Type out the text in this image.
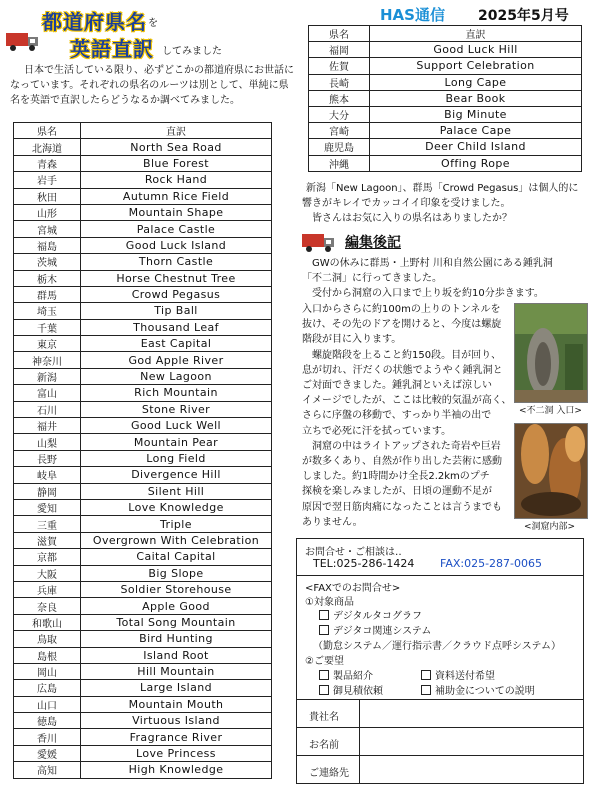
HAS通信 2025年5月号
都道府県名 を
英語直訳 してみました

日本で生活している限り、必ずどこかの都道府県にお世話になっています。それぞれの県名のルーツは別として、単純に県名を英語で直訳したらどうなるか調べてみました。

県名	直訳
北海道	North Sea Road
青森	Blue Forest
岩手	Rock Hand
秋田	Autumn Rice Field
山形	Mountain Shape
宮城	Palace Castle
福島	Good Luck Island
茨城	Thorn Castle
栃木	Horse Chestnut Tree
群馬	Crowd Pegasus
埼玉	Tip Ball
千葉	Thousand Leaf
東京	East Capital
神奈川	God Apple River
新潟	New Lagoon
富山	Rich Mountain
石川	Stone River
福井	Good Luck Well
山梨	Mountain Pear
長野	Long Field
岐阜	Divergence Hill
静岡	Silent Hill
愛知	Love Knowledge
三重	Triple
滋賀	Overgrown With Celebration
京都	Caital Capital
大阪	Big Slope
兵庫	Soldier Storehouse
奈良	Apple Good
和歌山	Total Song Mountain
鳥取	Bird Hunting
島根	Island Root
岡山	Hill Mountain
広島	Large Island
山口	Mountain Mouth
徳島	Virtuous Island
香川	Fragrance River
愛媛	Love Princess
高知	High Knowledge
県名	直訳
福岡	Good Luck Hill
佐賀	Support Celebration
長崎	Long Cape
熊本	Bear Book
大分	Big Minute
宮崎	Palace Cape
鹿児島	Deer Child Island
沖縄	Offing Rope

新潟「New Lagoon」、群馬「Crowd Pegasus」は個人的に響きがキレイでカッコイイ印象を受けました。

　皆さんはお気に入りの県名はありましたか？

編集後記

　GWの休みに群馬・上野村 川和自然公園にある鍾乳洞

「不二洞」に行ってきました。

　受付から洞窟の入口まで上り坂を約10分歩きます。

入口からさらに約100mの上りのトンネルを

抜け、その先のドアを開けると、今度は螺旋

階段が目に入ります。

　螺旋階段を上ること約150段。目が回り、

息が切れ、汗だくの状態でようやく鍾乳洞と

ご対面できました。鍾乳洞といえば涼しい

イメージでしたが、ここは比較的気温が高く、

さらに序盤の移動で、すっかり半袖の出で

立ちで必死に汗を拭っています。

　洞窟の中はライトアップされた奇岩や巨岩

が数多くあり、自然が作り出した芸術に感動

しました。約1時間かけ全長2.2kmのプチ

探検を楽しみましたが、日頃の運動不足が

原因で翌日筋肉痛になったことは言うまでも

ありません。

<不二洞 入口>
<洞窟内部>
お問合せ・ご相談は‥
TEL:025-286-1424 FAX:025-287-0065
<FAXでのお問合せ>
①対象商品
デジタルタコグラフ
デジタコ関連システム
（勤怠システム／運行指示書／クラウド点呼システム）
②ご要望
製品紹介	資料送付希望
御見積依頼	補助金についての説明
貴社名
お名前
ご連絡先
